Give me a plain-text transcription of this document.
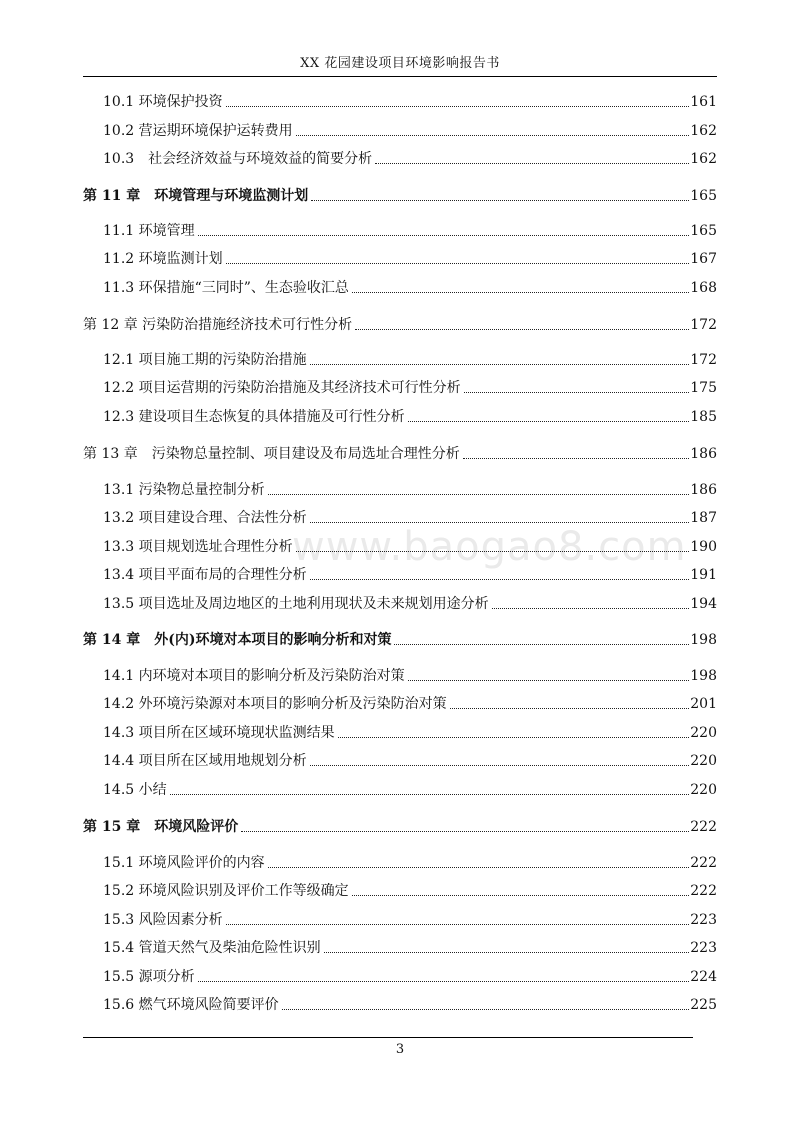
XX 花园建设项目环境影响报告书
www.baogao8.com
10.1 环境保护投资	161
10.2 营运期环境保护运转费用	162
10.3　社会经济效益与环境效益的简要分析	162
第 11 章　环境管理与环境监测计划	165
11.1 环境管理	165
11.2 环境监测计划	167
11.3 环保措施“三同时”、生态验收汇总	168
第 12 章 污染防治措施经济技术可行性分析	172
12.1 项目施工期的污染防治措施	172
12.2 项目运营期的污染防治措施及其经济技术可行性分析	175
12.3 建设项目生态恢复的具体措施及可行性分析	185
第 13 章　污染物总量控制、项目建设及布局选址合理性分析	186
13.1 污染物总量控制分析	186
13.2 项目建设合理、合法性分析	187
13.3 项目规划选址合理性分析	190
13.4 项目平面布局的合理性分析	191
13.5 项目选址及周边地区的土地利用现状及未来规划用途分析	194
第 14 章　外(内)环境对本项目的影响分析和对策	198
14.1 内环境对本项目的影响分析及污染防治对策	198
14.2 外环境污染源对本项目的影响分析及污染防治对策	201
14.3 项目所在区域环境现状监测结果	220
14.4 项目所在区域用地规划分析	220
14.5 小结	220
第 15 章　环境风险评价	222
15.1 环境风险评价的内容	222
15.2 环境风险识别及评价工作等级确定	222
15.3 风险因素分析	223
15.4 管道天然气及柴油危险性识别	223
15.5 源项分析	224
15.6 燃气环境风险简要评价	225
3
